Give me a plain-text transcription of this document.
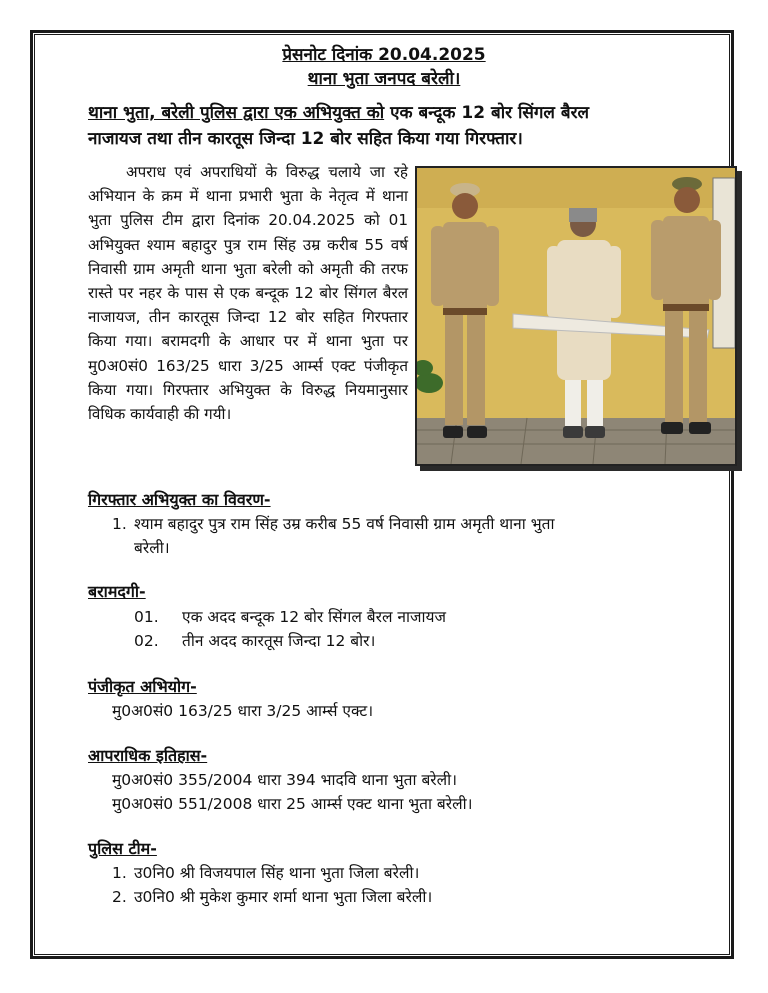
प्रेसनोट दिनांक 20.04.2025
थाना भुता जनपद बरेली।
थाना भुता, बरेली पुलिस द्वारा एक अभियुक्त को एक बन्दूक 12 बोर सिंगल बैरल
नाजायज तथा तीन कारतूस जिन्दा 12 बोर सहित किया गया गिरफ्तार।
अपराध एवं अपराधियों के विरुद्ध चलाये जा रहे अभियान के क्रम में थाना प्रभारी भुता के नेतृत्व में थाना भुता पुलिस टीम द्वारा दिनांक 20.04.2025 को 01 अभियुक्त श्याम बहादुर पुत्र राम सिंह उम्र करीब 55 वर्ष निवासी ग्राम अमृती थाना भुता बरेली को अमृती की तरफ रास्ते पर नहर के पास से एक बन्दूक 12 बोर सिंगल बैरल नाजायज, तीन कारतूस जिन्दा 12 बोर सहित गिरफ्तार किया गया। बरामदगी के आधार पर में थाना भुता पर मु0अ0सं0 163/25 धारा 3/25 आर्म्स एक्ट पंजीकृत किया गया। गिरफ्तार अभियुक्त के विरुद्ध नियमानुसार विधिक कार्यवाही की गयी।
गिरफ्तार अभियुक्त का विवरण-
1. श्याम बहादुर पुत्र राम सिंह उम्र करीब 55 वर्ष निवासी ग्राम अमृती थाना भुता
बरेली।
बरामदगी-
01. एक अदद बन्दूक 12 बोर सिंगल बैरल नाजायज
02. तीन अदद कारतूस जिन्दा 12 बोर।
पंजीकृत अभियोग-
मु0अ0सं0 163/25 धारा 3/25 आर्म्स एक्ट।
आपराधिक इतिहास-
मु0अ0सं0 355/2004 धारा 394 भादवि थाना भुता बरेली।
मु0अ0सं0 551/2008 धारा 25 आर्म्स एक्ट थाना भुता बरेली।
पुलिस टीम-
1. उ0नि0 श्री विजयपाल सिंह थाना भुता जिला बरेली।
2. उ0नि0 श्री मुकेश कुमार शर्मा थाना भुता जिला बरेली।
